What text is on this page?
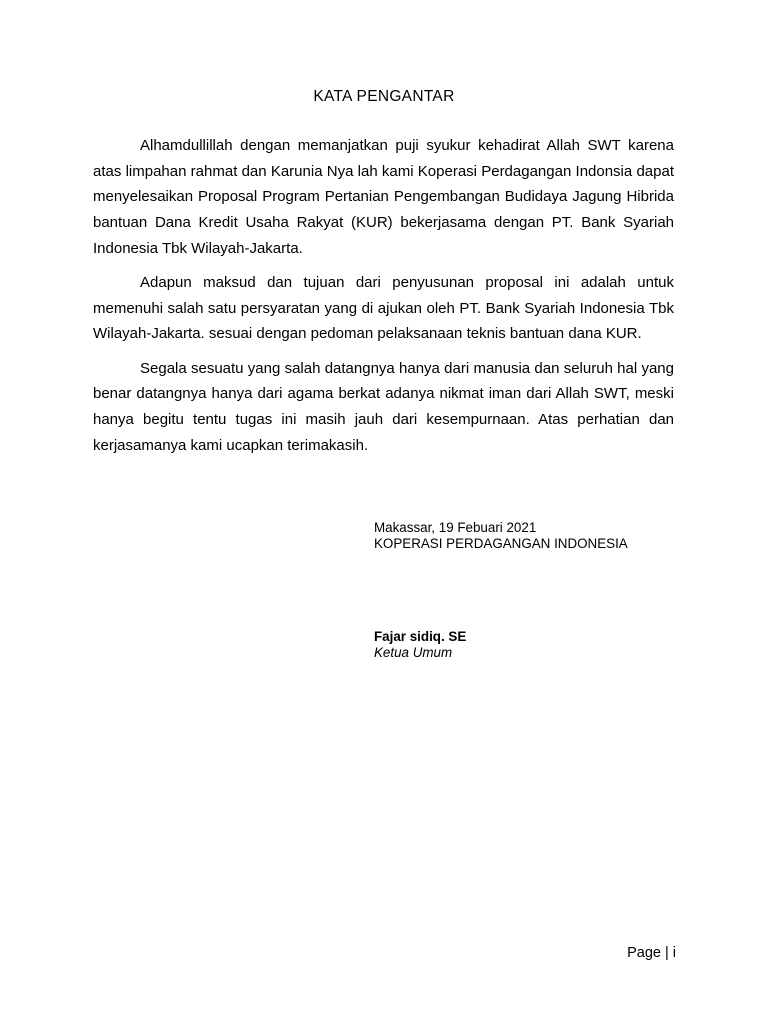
KATA PENGANTAR

Alhamdullillah dengan memanjatkan puji syukur kehadirat Allah SWT karena atas limpahan rahmat dan Karunia Nya lah kami Koperasi Perdagangan Indonsia dapat menyelesaikan Proposal Program Pertanian Pengembangan Budidaya Jagung Hibrida bantuan Dana Kredit Usaha Rakyat (KUR) bekerjasama dengan PT. Bank Syariah Indonesia Tbk Wilayah-Jakarta.

Adapun maksud dan tujuan dari penyusunan proposal ini adalah untuk memenuhi salah satu persyaratan yang di ajukan oleh PT. Bank Syariah Indonesia Tbk Wilayah-Jakarta. sesuai dengan pedoman pelaksanaan teknis bantuan dana KUR.

Segala sesuatu yang salah datangnya hanya dari manusia dan seluruh hal yang benar datangnya hanya dari agama berkat adanya nikmat iman dari Allah SWT, meski hanya begitu tentu tugas ini masih jauh dari kesempurnaan. Atas perhatian dan kerjasamanya kami ucapkan terimakasih.

Makassar, 19 Febuari 2021
KOPERASI PERDAGANGAN INDONESIA
Fajar sidiq. SE
Ketua Umum
Page | i
